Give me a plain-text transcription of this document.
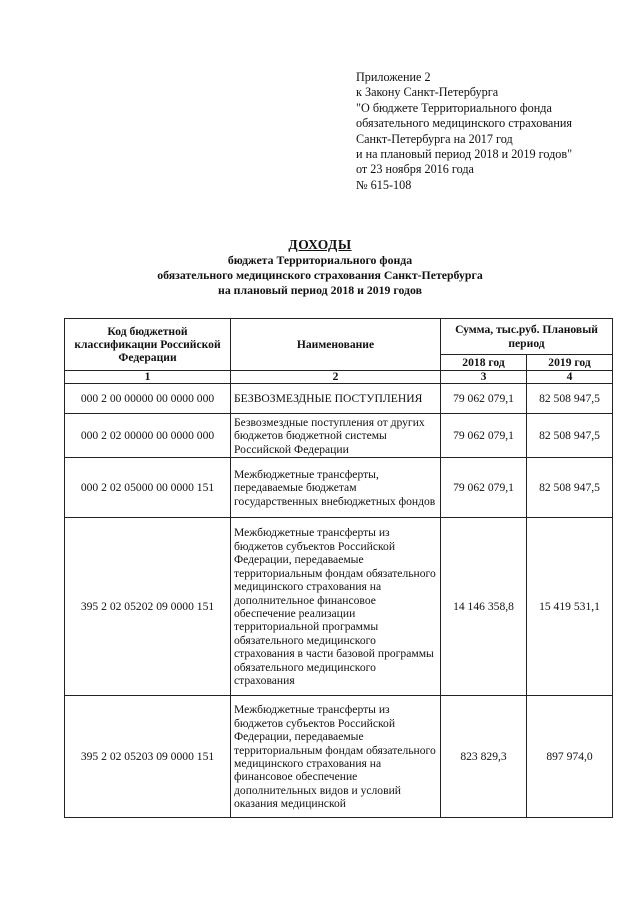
Приложение 2
к Закону Санкт-Петербурга
"О бюджете Территориального фонда
обязательного медицинского страхования
Санкт-Петербурга на 2017 год
и на плановый период 2018 и 2019 годов"
от 23 ноября 2016 года
№ 615-108
ДОХОДЫ
бюджета Территориального фонда
обязательного медицинского страхования Санкт-Петербурга
на плановый период 2018 и 2019 годов
Код бюджетной классификации Российской Федерации	Наименование	Сумма, тыс.руб. Плановый период	
		2018 год	2019 год
1	2	3	4
000 2 00 00000 00 0000 000	БЕЗВОЗМЕЗДНЫЕ ПОСТУПЛЕНИЯ	79 062 079,1	82 508 947,5
000 2 02 00000 00 0000 000	Безвозмездные поступления от других бюджетов бюджетной системы Российской Федерации	79 062 079,1	82 508 947,5
000 2 02 05000 00 0000 151	Межбюджетные трансферты, передаваемые бюджетам государственных внебюджетных фондов	79 062 079,1	82 508 947,5
395 2 02 05202 09 0000 151	Межбюджетные трансферты из бюджетов субъектов Российской Федерации, передаваемые территориальным фондам обязательного медицинского страхования на дополнительное финансовое обеспечение реализации территориальной программы обязательного медицинского страхования в части базовой программы обязательного медицинского страхования	14 146 358,8	15 419 531,1
395 2 02 05203 09 0000 151	Межбюджетные трансферты из бюджетов субъектов Российской Федерации, передаваемые территориальным фондам обязательного медицинского страхования на финансовое обеспечение дополнительных видов и условий оказания медицинской	823 829,3	897 974,0
